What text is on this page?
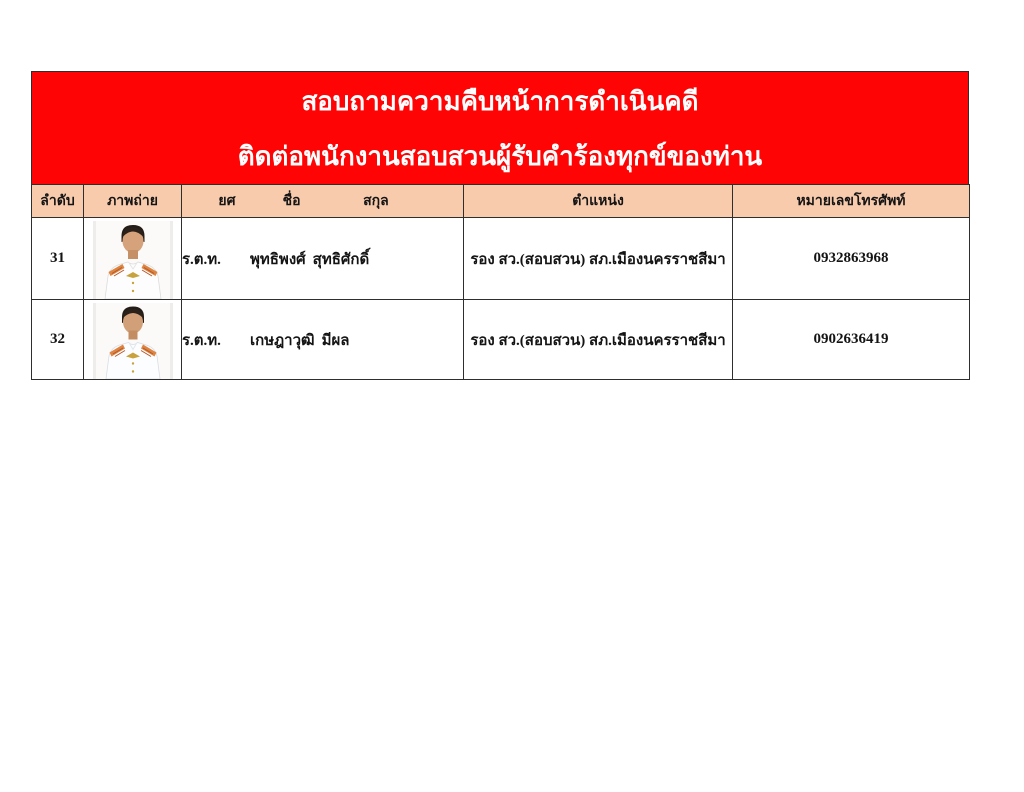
สอบถามความคืบหน้าการดำเนินคดี
ติดต่อพนักงานสอบสวนผู้รับคำร้องทุกข์ของท่าน
ลำดับ	ภาพถ่าย	ยศ ชื่อ สกุล	ตำแหน่ง	หมายเลขโทรศัพท์
31		ร.ต.ท. พุทธิพงศ์ สุทธิศักดิ์	รอง สว.(สอบสวน) สภ.เมืองนครราชสีมา	0932863968
32		ร.ต.ท. เกษฎาวุฒิ มีผล	รอง สว.(สอบสวน) สภ.เมืองนครราชสีมา	0902636419
